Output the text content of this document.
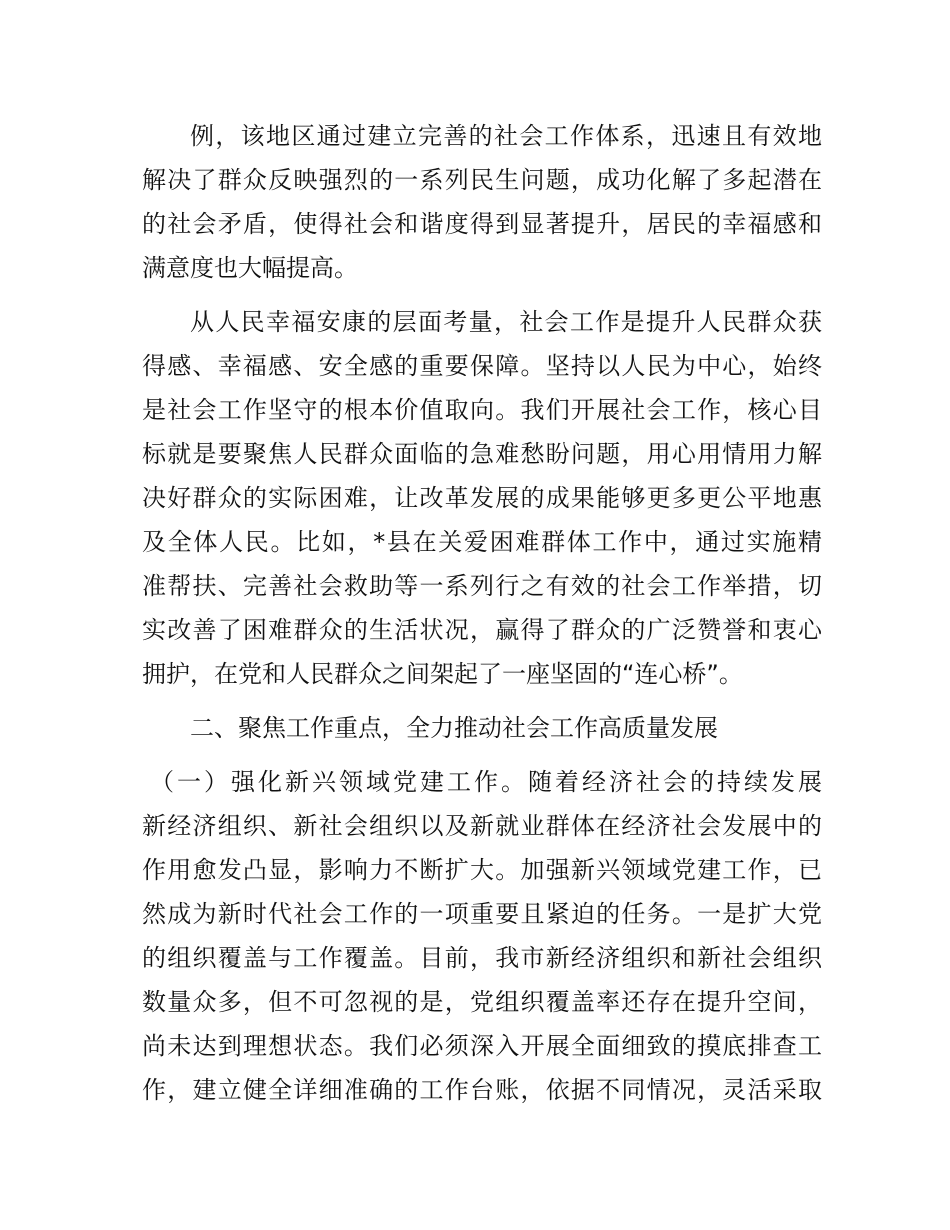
例，该地区通过建立完善的社会工作体系，迅速且有效地
解决了群众反映强烈的一系列民生问题，成功化解了多起潜在
的社会矛盾，使得社会和谐度得到显著提升，居民的幸福感和
满意度也大幅提高。
从人民幸福安康的层面考量，社会工作是提升人民群众获
得感、幸福感、安全感的重要保障。坚持以人民为中心，始终
是社会工作坚守的根本价值取向。我们开展社会工作，核心目
标就是要聚焦人民群众面临的急难愁盼问题，用心用情用力解
决好群众的实际困难，让改革发展的成果能够更多更公平地惠
及全体人民。比如，*县在关爱困难群体工作中，通过实施精
准帮扶、完善社会救助等一系列行之有效的社会工作举措，切
实改善了困难群众的生活状况，赢得了群众的广泛赞誉和衷心
拥护，在党和人民群众之间架起了一座坚固的“连心桥”。
二、聚焦工作重点，全力推动社会工作高质量发展
（一）强化新兴领域党建工作。随着经济社会的持续发展
新经济组织、新社会组织以及新就业群体在经济社会发展中的
作用愈发凸显，影响力不断扩大。加强新兴领域党建工作，已
然成为新时代社会工作的一项重要且紧迫的任务。一是扩大党
的组织覆盖与工作覆盖。目前，我市新经济组织和新社会组织
数量众多，但不可忽视的是，党组织覆盖率还存在提升空间，
尚未达到理想状态。我们必须深入开展全面细致的摸底排查工
作，建立健全详细准确的工作台账，依据不同情况，灵活采取
